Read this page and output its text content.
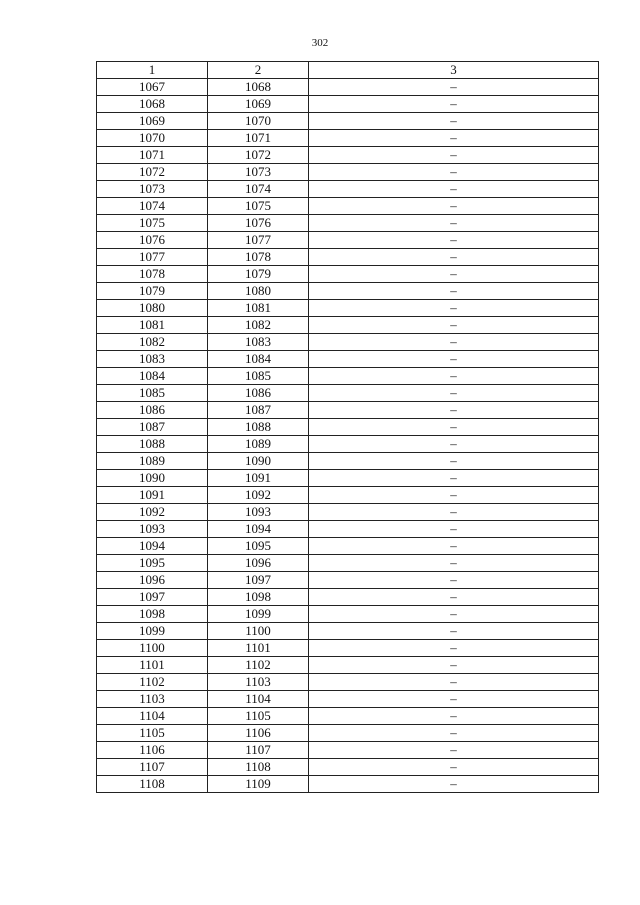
302
1	2	3
1067	1068	–
1068	1069	–
1069	1070	–
1070	1071	–
1071	1072	–
1072	1073	–
1073	1074	–
1074	1075	–
1075	1076	–
1076	1077	–
1077	1078	–
1078	1079	–
1079	1080	–
1080	1081	–
1081	1082	–
1082	1083	–
1083	1084	–
1084	1085	–
1085	1086	–
1086	1087	–
1087	1088	–
1088	1089	–
1089	1090	–
1090	1091	–
1091	1092	–
1092	1093	–
1093	1094	–
1094	1095	–
1095	1096	–
1096	1097	–
1097	1098	–
1098	1099	–
1099	1100	–
1100	1101	–
1101	1102	–
1102	1103	–
1103	1104	–
1104	1105	–
1105	1106	–
1106	1107	–
1107	1108	–
1108	1109	–
